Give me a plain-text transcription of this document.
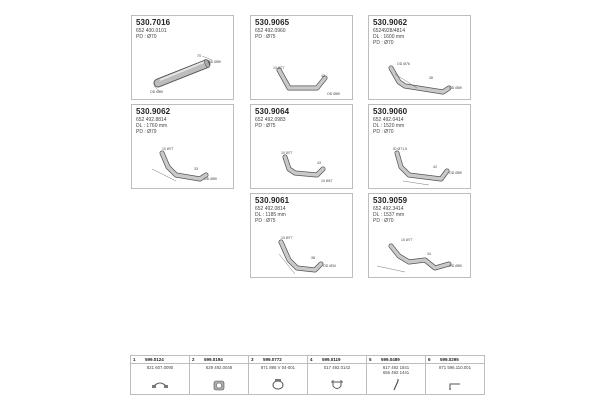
530.7016
652 400.0101
PD : Ø70
OD Ø89
70
OD Ø89
530.9065
652 492.0960
PD : Ø75
10 Ø77
43
OD Ø89
530.9062
6524928/4814
DL : 1600 mm
PD : Ø70
OD Ø76
38
OD Ø89
530.9062
652 492.8814
DL : 1760 mm
PD : Ø79
10 Ø77
33
OD Ø89
530.9064
652 492.0983
PD : Ø75
10 Ø77
43
10 Ø47
530.9060
652 492.0414
DL : 1520 mm
PD : Ø70
ID Ø71.5
42
OD Ø89
530.9061
652 492.0814
DL : 1185 mm
PD : Ø75
10 Ø77
38
OD Ø34
530.9059
652 492.3414
DL : 1537 mm
PD : Ø70
10 Ø77
34
OD Ø89
1 599.0124
821 607.0090
2 599.0194
629 492.0048
3 599.0772
871 895 V 04-001
4 599.0119
017 492.0142
5 599.0489
617 492 1841
656 492 1441
6 599.0295
871 596.110.001
